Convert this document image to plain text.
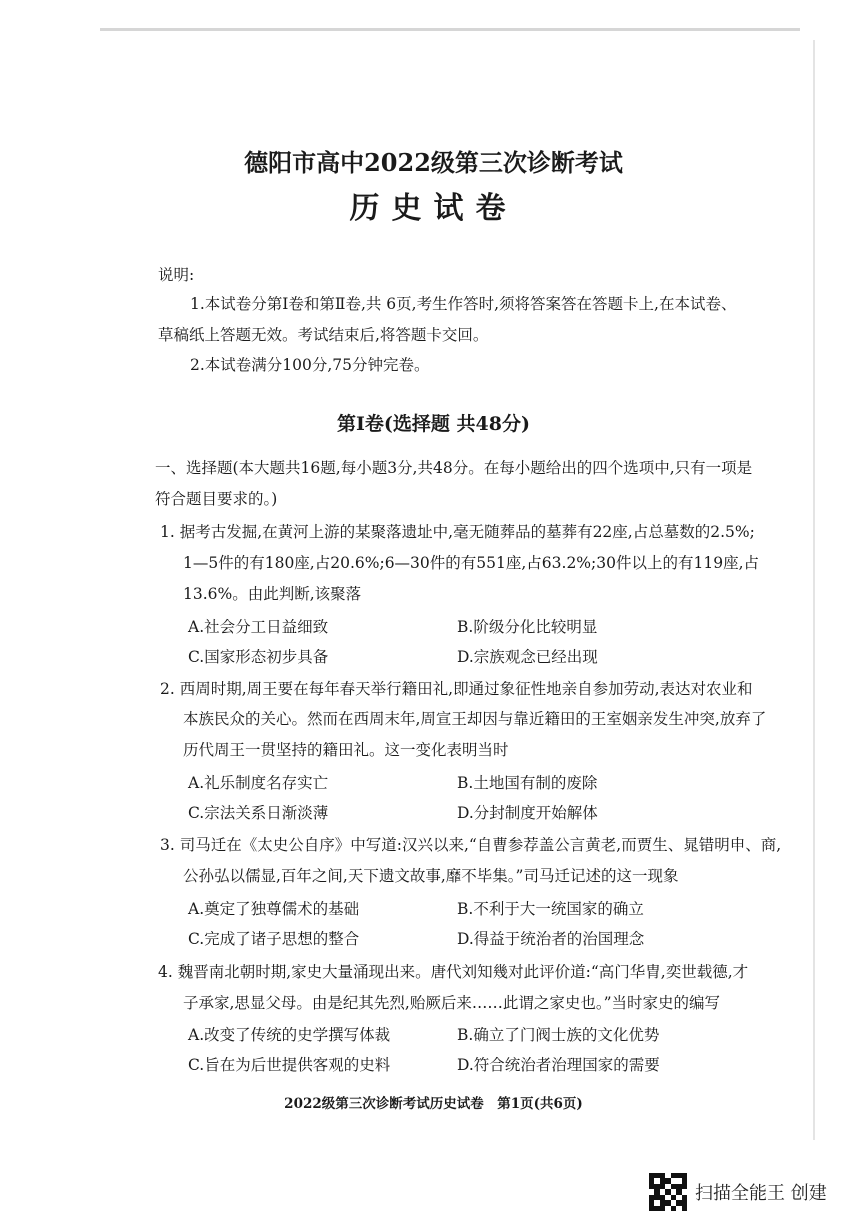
德阳市高中2022级第三次诊断考试
历史试卷
说明:
1.本试卷分第Ⅰ卷和第Ⅱ卷,共 6页,考生作答时,须将答案答在答题卡上,在本试卷、
草稿纸上答题无效。考试结束后,将答题卡交回。
2.本试卷满分100分,75分钟完卷。
第Ⅰ卷(选择题 共48分)
一、选择题(本大题共16题,每小题3分,共48分。在每小题给出的四个选项中,只有一项是
符合题目要求的。)
1. 据考古发掘,在黄河上游的某聚落遗址中,毫无随葬品的墓葬有22座,占总墓数的2.5%;
1—5件的有180座,占20.6%;6—30件的有551座,占63.2%;30件以上的有119座,占
13.6%。由此判断,该聚落
A.社会分工日益细致	B.阶级分化比较明显
C.国家形态初步具备	D.宗族观念已经出现
2. 西周时期,周王要在每年春天举行籍田礼,即通过象征性地亲自参加劳动,表达对农业和
本族民众的关心。然而在西周末年,周宣王却因与靠近籍田的王室姻亲发生冲突,放弃了
历代周王一贯坚持的籍田礼。这一变化表明当时
A.礼乐制度名存实亡	B.土地国有制的废除
C.宗法关系日渐淡薄	D.分封制度开始解体
3. 司马迁在《太史公自序》中写道:汉兴以来,“自曹参荐盖公言黄老,而贾生、晁错明申、商,
公孙弘以儒显,百年之间,天下遗文故事,靡不毕集。”司马迁记述的这一现象
A.奠定了独尊儒术的基础	B.不利于大一统国家的确立
C.完成了诸子思想的整合	D.得益于统治者的治国理念
4. 魏晋南北朝时期,家史大量涌现出来。唐代刘知幾对此评价道:“高门华胄,奕世载德,才
子承家,思显父母。由是纪其先烈,贻厥后来……此谓之家史也。”当时家史的编写
A.改变了传统的史学撰写体裁	B.确立了门阀士族的文化优势
C.旨在为后世提供客观的史料	D.符合统治者治理国家的需要
2022级第三次诊断考试历史试卷　第1页(共6页)
扫描全能王 创建
